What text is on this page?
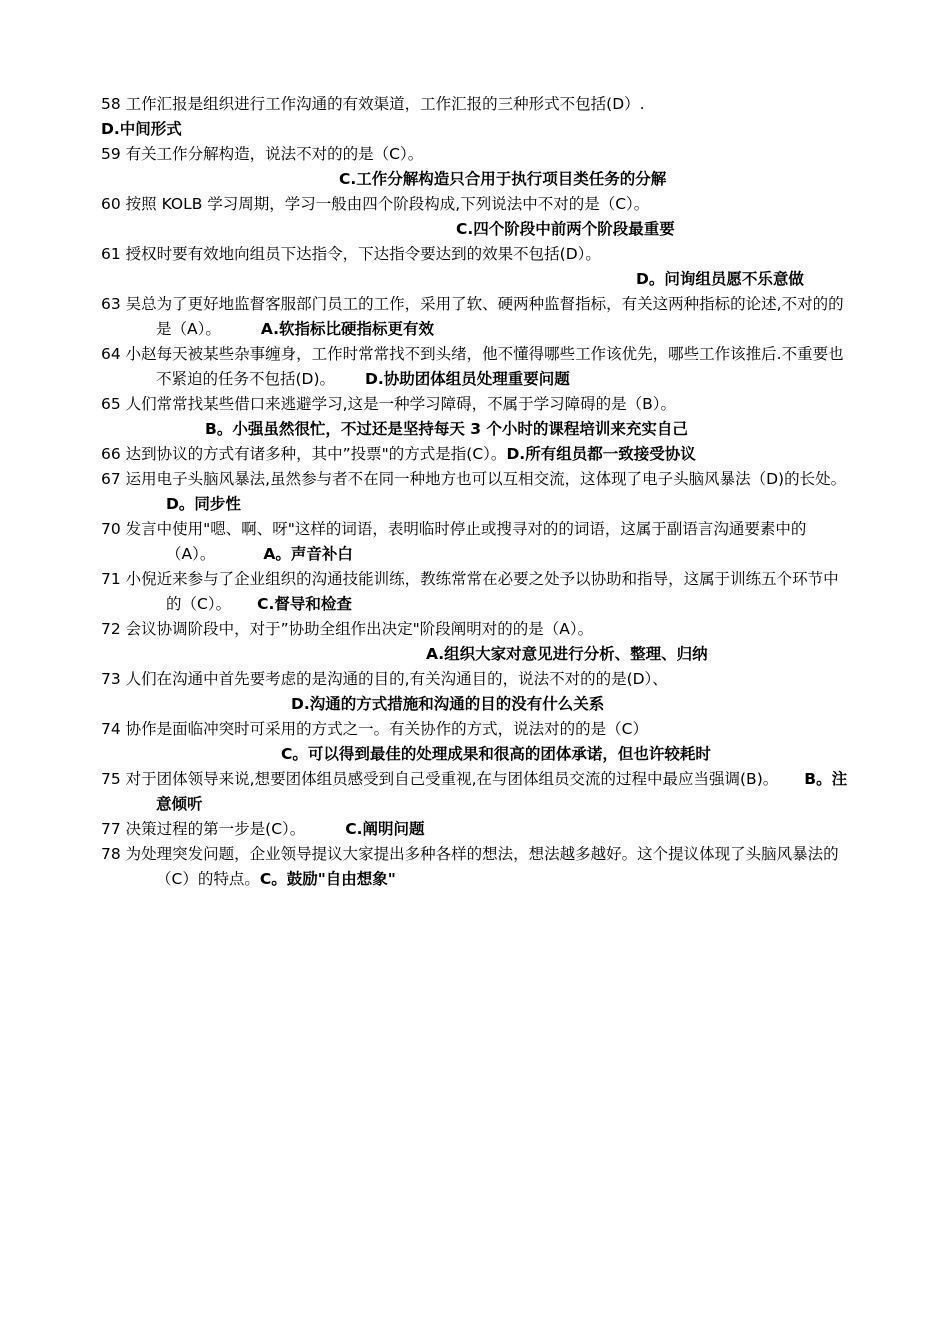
58 工作汇报是组织进行工作沟通的有效渠道，工作汇报的三种形式不包括(D）.

D.中间形式

59 有关工作分解构造，说法不对的的是（C）。

C.工作分解构造只合用于执行项目类任务的分解

60 按照 KOLB 学习周期，学习一般由四个阶段构成,下列说法中不对的是（C）。

C.四个阶段中前两个阶段最重要

61 授权时要有效地向组员下达指令，下达指令要达到的效果不包括(D）。

D。问询组员愿不乐意做

63 吴总为了更好地监督客服部门员工的工作，采用了软、硬两种监督指标，有关这两种指标的论述,不对的的是（A）。	A.软指标比硬指标更有效

64 小赵每天被某些杂事缠身，工作时常常找不到头绪，他不懂得哪些工作该优先，哪些工作该推后.不重要也不紧迫的任务不包括(D)。 D.协助团体组员处理重要问题

65 人们常常找某些借口来逃避学习,这是一种学习障碍，不属于学习障碍的是（B）。

B。小强虽然很忙，不过还是坚持每天 3 个小时的课程培训来充实自己

66 达到协议的方式有诸多种，其中”投票"的方式是指(C）。D.所有组员都一致接受协议

67 运用电子头脑风暴法,虽然参与者不在同一种地方也可以互相交流，这体现了电子头脑风暴法（D)的长处。D。同步性

70 发言中使用"嗯、啊、呀"这样的词语，表明临时停止或搜寻对的的词语，这属于副语言沟通要素中的（A）。	A。声音补白

71 小倪近来参与了企业组织的沟通技能训练，教练常常在必要之处予以协助和指导，这属于训练五个环节中的（C）。 C.督导和检查

72 会议协调阶段中，对于”协助全组作出决定"阶段阐明对的的是（A）。

A.组织大家对意见进行分析、整理、归纳

73 人们在沟通中首先要考虑的是沟通的目的,有关沟通目的，说法不对的的是(D）、

D.沟通的方式措施和沟通的目的没有什么关系

74 协作是面临冲突时可采用的方式之一。有关协作的方式，说法对的的是（C）

C。可以得到最佳的处理成果和很高的团体承诺，但也许较耗时

75 对于团体领导来说,想要团体组员感受到自己受重视,在与团体组员交流的过程中最应当强调(B)。 B。注意倾听

77 决策过程的第一步是(C）。	C.阐明问题

78 为处理突发问题，企业领导提议大家提出多种各样的想法，想法越多越好。这个提议体现了头脑风暴法的（C）的特点。C。鼓励"自由想象"
